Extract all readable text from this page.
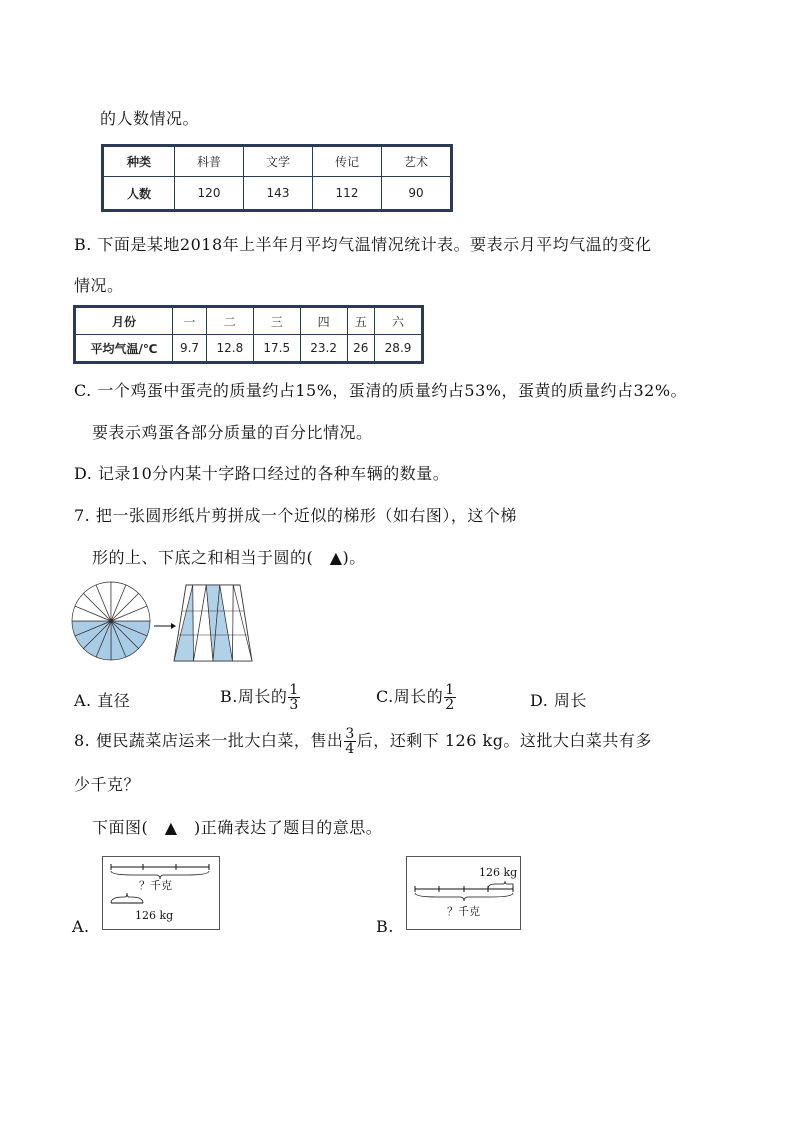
的人数情况。
种类	科普	文学	传记	艺术
人数	120	143	112	90
B. 下面是某地2018年上半年月平均气温情况统计表。要表示月平均气温的变化
情况。
月份	一	二	三	四	五	六
平均气温/℃	9.7	12.8	17.5	23.2	26	28.9
C. 一个鸡蛋中蛋壳的质量约占15%，蛋清的质量约占53%，蛋黄的质量约占32%。
要表示鸡蛋各部分质量的百分比情况。
D. 记录10分内某十字路口经过的各种车辆的数量。
7. 把一张圆形纸片剪拼成一个近似的梯形（如右图），这个梯
形的上、下底之和相当于圆的(　▲)。
A. 直径	B.周长的 $\frac{1}{3}$	C.周长的 $\frac{1}{2}$	D. 周长
8. 便民蔬菜店运来一批大白菜，售出 $\frac{3}{4}$ 后，还剩下 126 kg。这批大白菜共有多
少千克？
下面图(　▲　)正确表达了题目的意思。
A.
？千克
126 kg
B.
126 kg
？千克
